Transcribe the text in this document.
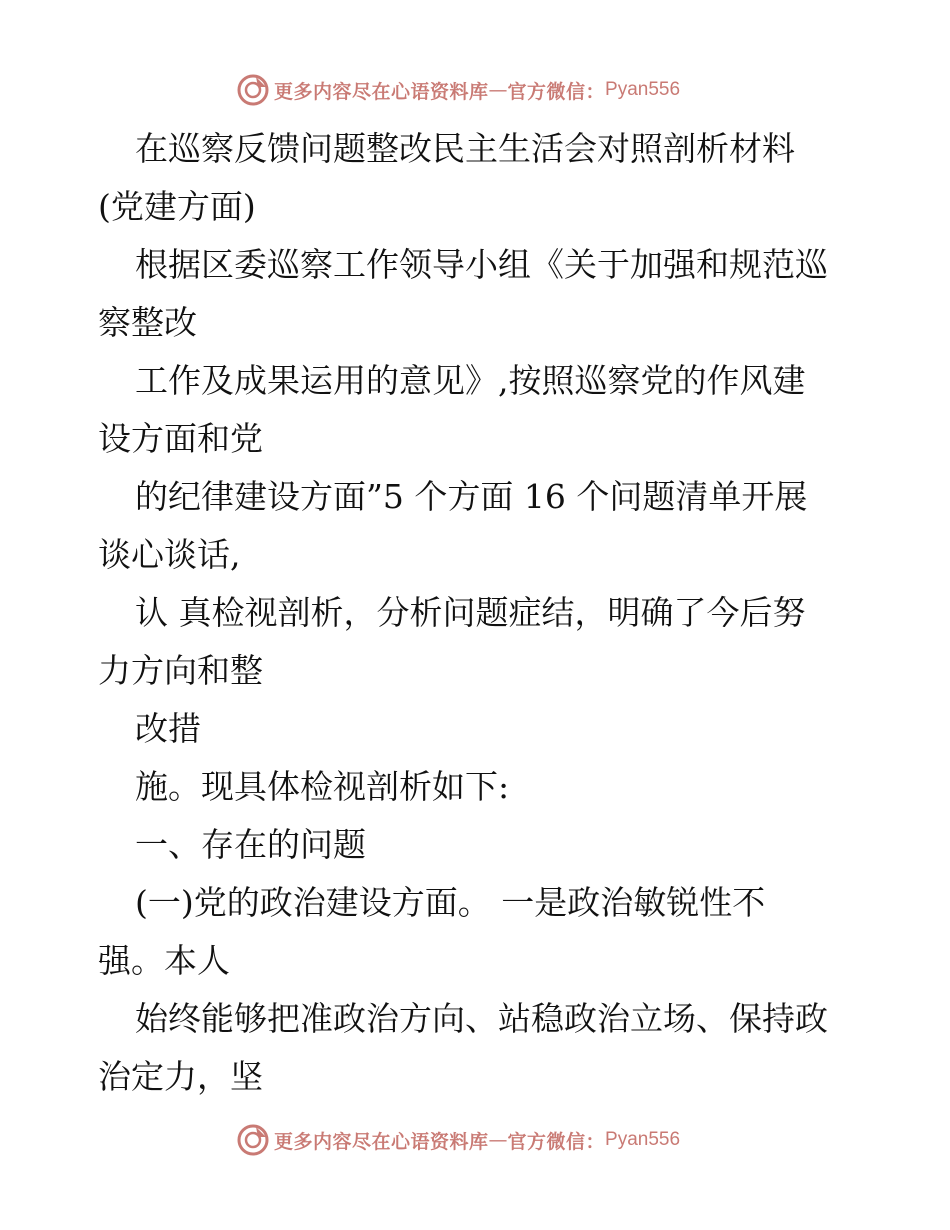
更多内容尽在心语资料库 — 官方微信： Pyan556
在巡察反馈问题整改民主生活会对照剖析材料
(党建方面)
根据区委巡察工作领导小组《关于加强和规范巡
察整改
工作及成果运用的意见》,按照巡察党的作风建
设方面和党
的纪律建设方面”5 个方面 16 个问题清单开展
谈心谈话,
认 真检视剖析，分析问题症结，明确了今后努
力方向和整
改措
施。现具体检视剖析如下:
一、存在的问题
(一)党的政治建设方面。 一是政治敏锐性不
强。本人
始终能够把准政治方向、站稳政治立场、保持政
治定力，坚
更多内容尽在心语资料库 — 官方微信： Pyan556
